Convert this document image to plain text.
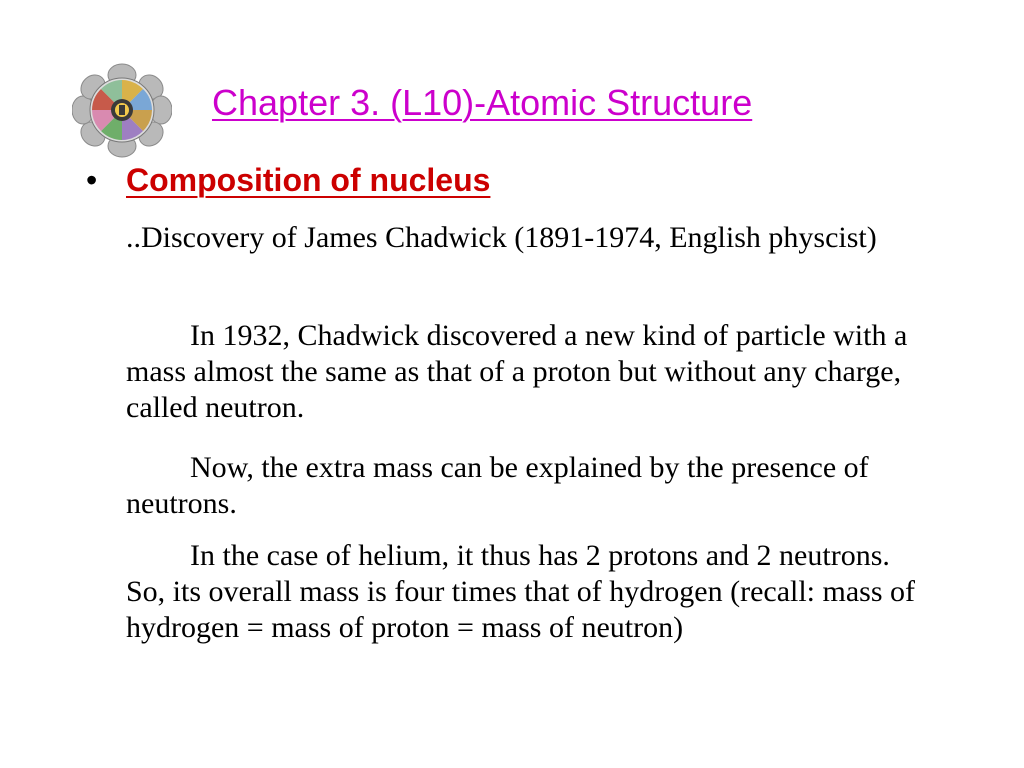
Chapter 3. (L10)-Atomic Structure
• Composition of nucleus

..Discovery of James Chadwick (1891-1974, English physcist)

In 1932, Chadwick discovered a new kind of particle with a mass almost the same as that of a proton but without any charge, called neutron.

Now, the extra mass can be explained by the presence of neutrons.

In the case of helium, it thus has 2 protons and 2 neutrons. So, its overall mass is four times that of hydrogen (recall: mass of hydrogen = mass of proton = mass of neutron)
